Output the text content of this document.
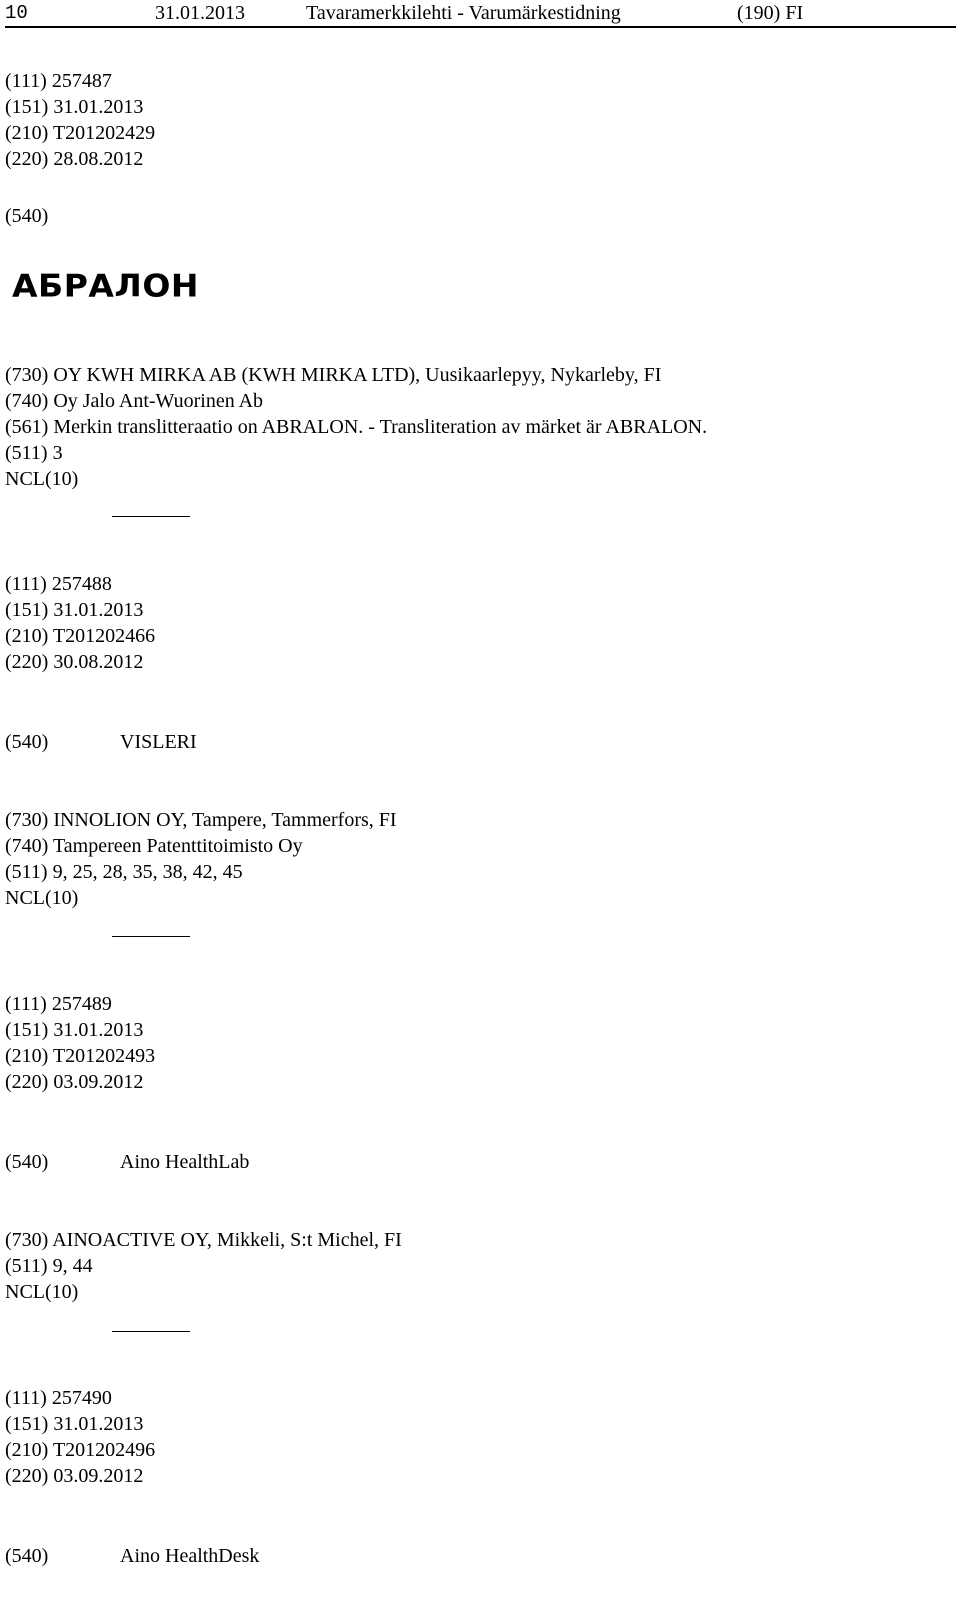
10	31.01.2013	Tavaramerkkilehti - Varumärkestidning	(190) FI
(111) 257487
(151) 31.01.2013
(210) T201202429
(220) 28.08.2012
(540)
АБРАЛОН
(730) OY KWH MIRKA AB (KWH MIRKA LTD), Uusikaarlepyy, Nykarleby, FI
(740) Oy Jalo Ant-Wuorinen Ab
(561) Merkin translitteraatio on ABRALON. - Transliteration av märket är ABRALON.
(511) 3
NCL(10)
(111) 257488
(151) 31.01.2013
(210) T201202466
(220) 30.08.2012
(540)	VISLERI
(730) INNOLION OY, Tampere, Tammerfors, FI
(740) Tampereen Patenttitoimisto Oy
(511) 9, 25, 28, 35, 38, 42, 45
NCL(10)
(111) 257489
(151) 31.01.2013
(210) T201202493
(220) 03.09.2012
(540)	Aino HealthLab
(730) AINOACTIVE OY, Mikkeli, S:t Michel, FI
(511) 9, 44
NCL(10)
(111) 257490
(151) 31.01.2013
(210) T201202496
(220) 03.09.2012
(540)	Aino HealthDesk
